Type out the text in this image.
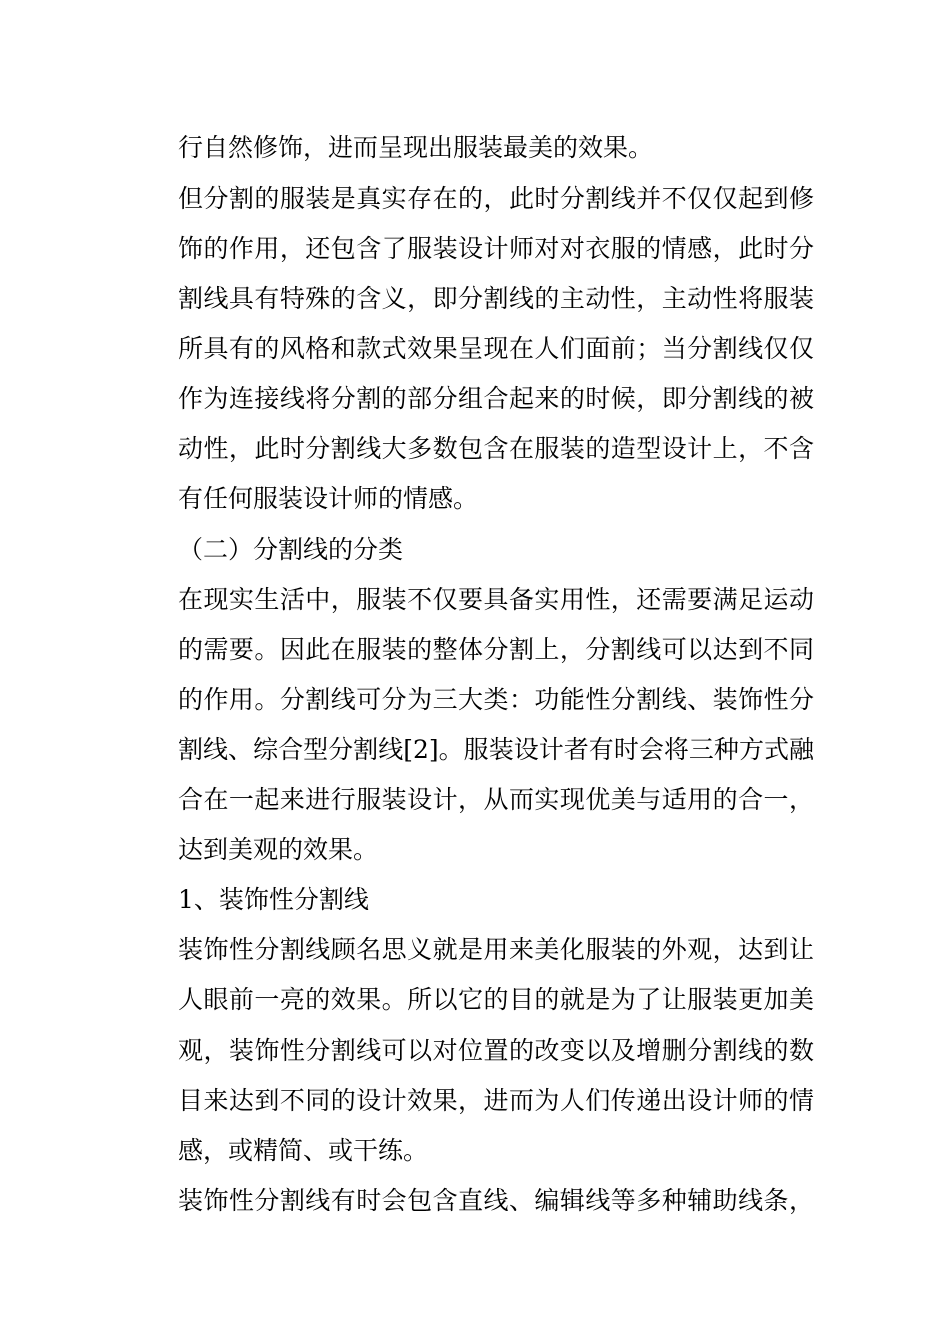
行自然修饰，进而呈现出服装最美的效果。
但分割的服装是真实存在的，此时分割线并不仅仅起到修
饰的作用，还包含了服装设计师对对衣服的情感，此时分
割线具有特殊的含义，即分割线的主动性，主动性将服装
所具有的风格和款式效果呈现在人们面前；当分割线仅仅
作为连接线将分割的部分组合起来的时候，即分割线的被
动性，此时分割线大多数包含在服装的造型设计上，不含
有任何服装设计师的情感。
（二）分割线的分类
在现实生活中，服装不仅要具备实用性，还需要满足运动
的需要。因此在服装的整体分割上，分割线可以达到不同
的作用。分割线可分为三大类：功能性分割线、装饰性分
割线、综合型分割线[2]。服装设计者有时会将三种方式融
合在一起来进行服装设计，从而实现优美与适用的合一，
达到美观的效果。
1、装饰性分割线
装饰性分割线顾名思义就是用来美化服装的外观，达到让
人眼前一亮的效果。所以它的目的就是为了让服装更加美
观，装饰性分割线可以对位置的改变以及增删分割线的数
目来达到不同的设计效果，进而为人们传递出设计师的情
感，或精简、或干练。
装饰性分割线有时会包含直线、编辑线等多种辅助线条，
